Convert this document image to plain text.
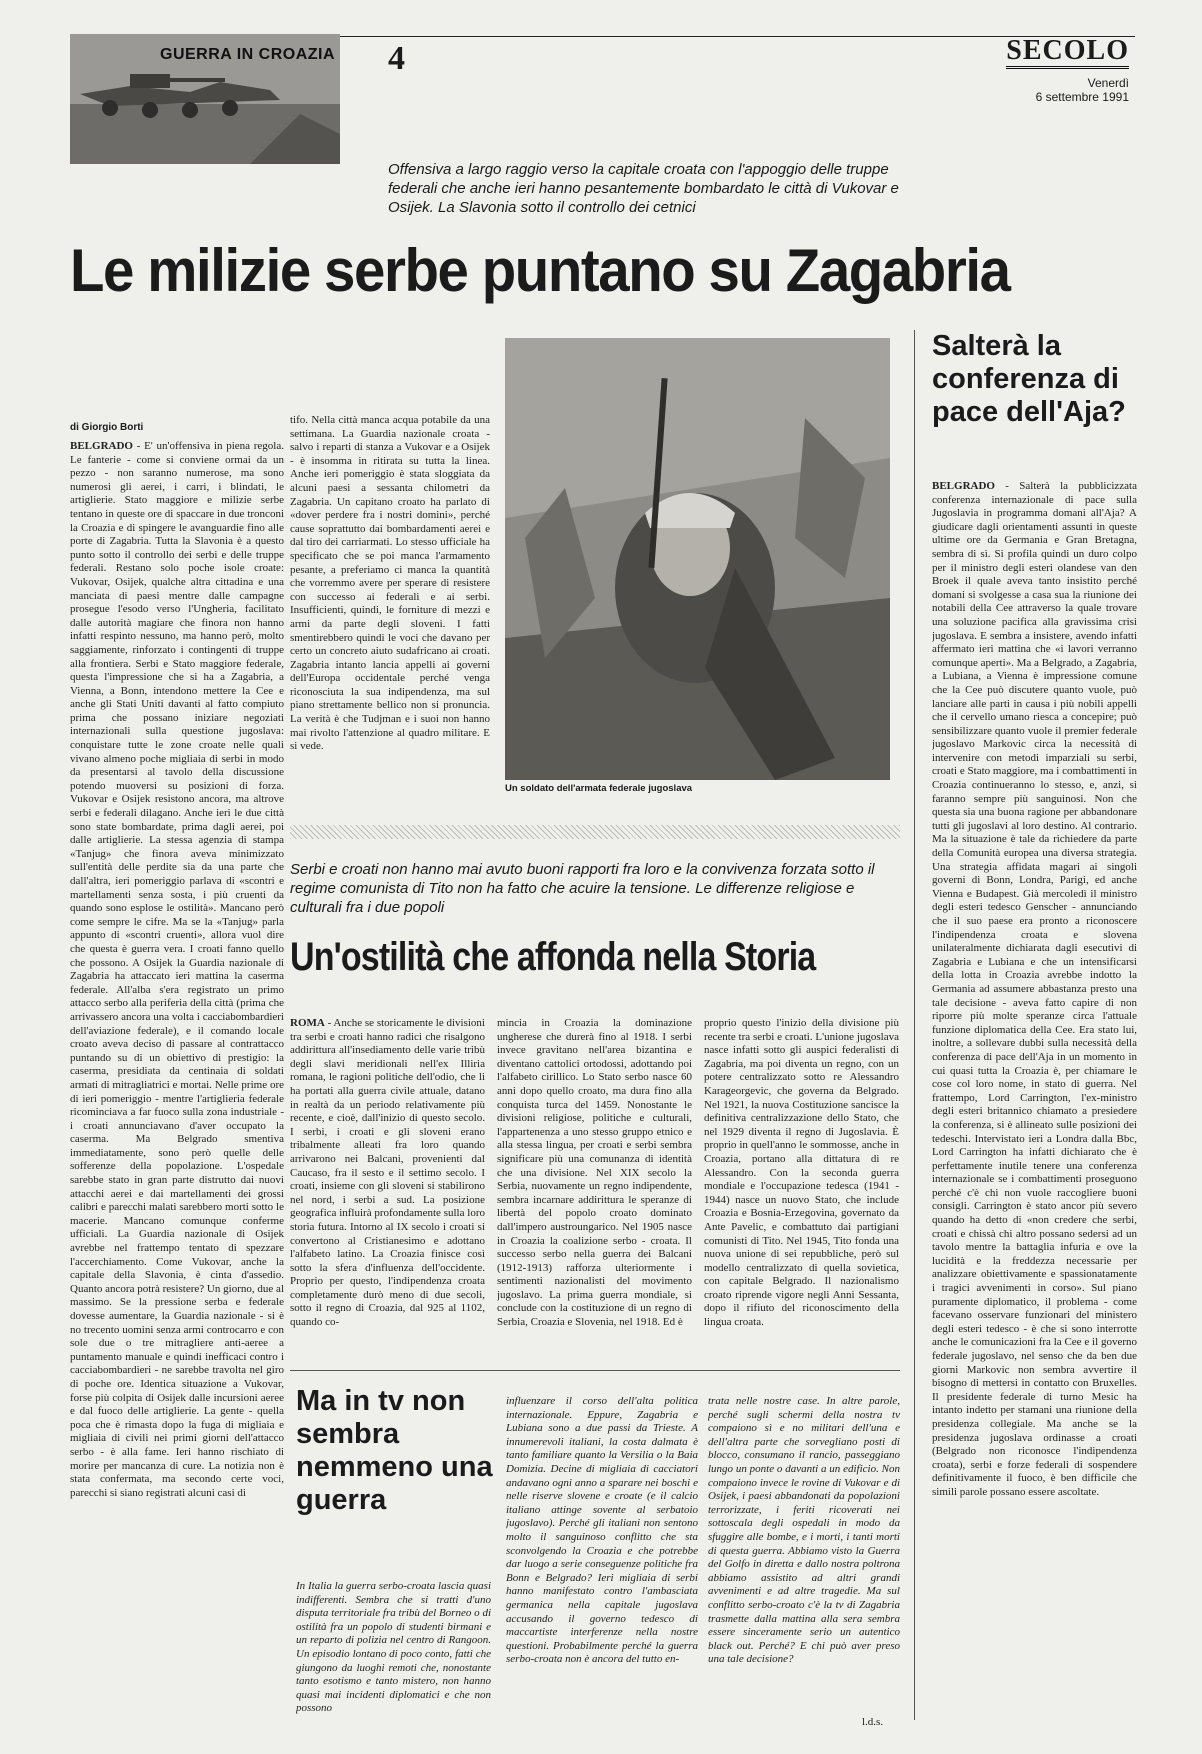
GUERRA IN CROAZIA 4	SECOLO
Venerdì
6 settembre 1991
Offensiva a largo raggio verso la capitale croata con l'appoggio delle truppe federali che anche ieri hanno pesantemente bombardato le città di Vukovar e Osijek. La Slavonia sotto il controllo dei cetnici
Le milizie serbe puntano su Zagabria
di Giorgio Borti
BELGRADO - E' un'offensiva in piena regola. Le fanterie - come si conviene ormai da un pezzo - non saranno numerose, ma sono numerosi gli aerei, i carri, i blindati, le artiglierie. Stato maggiore e milizie serbe tentano in queste ore di spaccare in due tronconi la Croazia e di spingere le avanguardie fino alle porte di Zagabria. Tutta la Slavonia è a questo punto sotto il controllo dei serbi e delle truppe federali. Restano solo poche isole croate: Vukovar, Osijek, qualche altra cittadina e una manciata di paesi mentre dalle campagne prosegue l'esodo verso l'Ungheria, facilitato dalle autorità magiare che finora non hanno infatti respinto nessuno, ma hanno però, molto saggiamente, rinforzato i contingenti di truppe alla frontiera. Serbi e Stato maggiore federale, questa l'impressione che si ha a Zagabria, a Vienna, a Bonn, intendono mettere la Cee e anche gli Stati Uniti davanti al fatto compiuto prima che possano iniziare negoziati internazionali sulla questione jugoslava: conquistare tutte le zone croate nelle quali vivano almeno poche migliaia di serbi in modo da presentarsi al tavolo della discussione potendo muoversi su posizioni di forza. Vukovar e Osijek resistono ancora, ma altrove serbi e federali dilagano. Anche ieri le due città sono state bombardate, prima dagli aerei, poi dalle artiglierie. La stessa agenzia di stampa «Tanjug» che finora aveva minimizzato sull'entità delle perdite sia da una parte che dall'altra, ieri pomeriggio parlava di «scontri e martellamenti senza sosta, i più cruenti da quando sono esplose le ostilità». Mancano però come sempre le cifre. Ma se la «Tanjug» parla appunto di «scontri cruenti», allora vuol dire che questa è guerra vera. I croati fanno quello che possono. A Osijek la Guardia nazionale di Zagabria ha attaccato ieri mattina la caserma federale. All'alba s'era registrato un primo attacco serbo alla periferia della città (prima che arrivassero ancora una volta i cacciabombardieri dell'aviazione federale), e il comando locale croato aveva deciso di passare al contrattacco puntando su di un obiettivo di prestigio: la caserma, presidiata da centinaia di soldati armati di mitragliatrici e mortai. Nelle prime ore di ieri pomeriggio - mentre l'artiglieria federale ricominciava a far fuoco sulla zona industriale - i croati annunciavano d'aver occupato la caserma. Ma Belgrado smentiva immediatamente, sono però quelle delle sofferenze della popolazione. L'ospedale sarebbe stato in gran parte distrutto dai nuovi attacchi aerei e dai martellamenti dei grossi calibri e parecchi malati sarebbero morti sotto le macerie. Mancano comunque conferme ufficiali. La Guardia nazionale di Osijek avrebbe nel frattempo tentato di spezzare l'accerchiamento. Come Vukovar, anche la capitale della Slavonia, è cinta d'assedio. Quanto ancora potrà resistere? Un giorno, due al massimo. Se la pressione serba e federale dovesse aumentare, la Guardia nazionale - si è no trecento uomini senza armi controcarro e con sole due o tre mitragliere anti-aeree a puntamento manuale e quindi inefficaci contro i cacciabombardieri - ne sarebbe travolta nel giro di poche ore. Identica situazione a Vukovar, forse più colpita di Osijek dalle incursioni aeree e dal fuoco delle artiglierie. La gente - quella poca che è rimasta dopo la fuga di migliaia e migliaia di civili nei primi giorni dell'attacco serbo - è alla fame. Ieri hanno rischiato di morire per mancanza di cure. La notizia non è stata confermata, ma secondo certe voci, parecchi si siano registrati alcuni casi di
tifo. Nella città manca acqua potabile da una settimana. La Guardia nazionale croata - salvo i reparti di stanza a Vukovar e a Osijek - è insomma in ritirata su tutta la linea. Anche ieri pomeriggio è stata sloggiata da alcuni paesi a sessanta chilometri da Zagabria. Un capitano croato ha parlato di «dover perdere fra i nostri domini», perché cause soprattutto dai bombardamenti aerei e dal tiro dei carriarmati. Lo stesso ufficiale ha specificato che se poi manca l'armamento pesante, a preferiamo ci manca la quantità che vorremmo avere per sperare di resistere con successo ai federali e ai serbi. Insufficienti, quindi, le forniture di mezzi e armi da parte degli sloveni. I fatti smentirebbero quindi le voci che davano per certo un concreto aiuto sudafricano ai croati. Zagabria intanto lancia appelli ai governi dell'Europa occidentale perché venga riconosciuta la sua indipendenza, ma sul piano strettamente bellico non si pronuncia. La verità è che Tudjman e i suoi non hanno mai rivolto l'attenzione al quadro militare. E si vede.
Un soldato dell'armata federale jugoslava
Salterà la conferenza di pace dell'Aja?
BELGRADO - Salterà la pubblicizzata conferenza internazionale di pace sulla Jugoslavia in programma domani all'Aja? A giudicare dagli orientamenti assunti in queste ultime ore da Germania e Gran Bretagna, sembra di sì. Si profila quindi un duro colpo per il ministro degli esteri olandese van den Broek il quale aveva tanto insistito perché domani si svolgesse a casa sua la riunione dei notabili della Cee attraverso la quale trovare una soluzione pacifica alla gravissima crisi jugoslava. E sembra a insistere, avendo infatti affermato ieri mattina che «i lavori verranno comunque aperti». Ma a Belgrado, a Zagabria, a Lubiana, a Vienna è impressione comune che la Cee può discutere quanto vuole, può lanciare alle parti in causa i più nobili appelli che il cervello umano riesca a concepire; può sensibilizzare quanto vuole il premier federale jugoslavo Markovic circa la necessità di intervenire con metodi imparziali su serbi, croati e Stato maggiore, ma i combattimenti in Croazia continueranno lo stesso, e, anzi, si faranno sempre più sanguinosi. Non che questa sia una buona ragione per abbandonare tutti gli jugoslavi al loro destino. Al contrario. Ma la situazione è tale da richiedere da parte della Comunità europea una diversa strategia. Una strategia affidata magari ai singoli governi di Bonn, Londra, Parigi, ed anche Vienna e Budapest. Già mercoledì il ministro degli esteri tedesco Genscher - annunciando che il suo paese era pronto a riconoscere l'indipendenza croata e slovena unilateralmente dichiarata dagli esecutivi di Zagabria e Lubiana e che un intensificarsi della lotta in Croazia avrebbe indotto la Germania ad assumere abbastanza presto una tale decisione - aveva fatto capire di non riporre più molte speranze circa l'attuale funzione diplomatica della Cee. Era stato lui, inoltre, a sollevare dubbi sulla necessità della conferenza di pace dell'Aja in un momento in cui quasi tutta la Croazia è, per chiamare le cose col loro nome, in stato di guerra. Nel frattempo, Lord Carrington, l'ex-ministro degli esteri britannico chiamato a presiedere la conferenza, si è allineato sulle posizioni dei tedeschi. Intervistato ieri a Londra dalla Bbc, Lord Carrington ha infatti dichiarato che è perfettamente inutile tenere una conferenza internazionale se i combattimenti proseguono perché c'è chi non vuole raccogliere buoni consigli. Carrington è stato ancor più severo quando ha detto di «non credere che serbi, croati e chissà chi altro possano sedersi ad un tavolo mentre la battaglia infuria e ove la lucidità e la freddezza necessarie per analizzare obiettivamente e spassionatamente i tragici avvenimenti in corso». Sul piano puramente diplomatico, il problema - come facevano osservare funzionari del ministero degli esteri tedesco - è che si sono interrotte anche le comunicazioni fra la Cee e il governo federale jugoslavo, nel senso che da ben due giorni Markovic non sembra avvertire il bisogno di mettersi in contatto con Bruxelles. Il presidente federale di turno Mesic ha intanto indetto per stamani una riunione della presidenza collegiale. Ma anche se la presidenza jugoslava ordinasse a croati (Belgrado non riconosce l'indipendenza croata), serbi e forze federali di sospendere definitivamente il fuoco, è ben difficile che simili parole possano essere ascoltate.
Serbi e croati non hanno mai avuto buoni rapporti fra loro e la convivenza forzata sotto il regime comunista di Tito non ha fatto che acuire la tensione. Le differenze religiose e culturali fra i due popoli
Un'ostilità che affonda nella Storia
ROMA - Anche se storicamente le divisioni tra serbi e croati hanno radici che risalgono addirittura all'insediamento delle varie tribù degli slavi meridionali nell'ex Illiria romana, le ragioni politiche dell'odio, che li ha portati alla guerra civile attuale, datano in realtà da un periodo relativamente più recente, e cioè, dall'inizio di questo secolo. I serbi, i croati e gli sloveni erano tribalmente alleati fra loro quando arrivarono nei Balcani, provenienti dal Caucaso, fra il sesto e il settimo secolo. I croati, insieme con gli sloveni si stabilirono nel nord, i serbi a sud. La posizione geografica influirà profondamente sulla loro storia futura. Intorno al IX secolo i croati si convertono al Cristianesimo e adottano l'alfabeto latino. La Croazia finisce così sotto la sfera d'influenza dell'occidente. Proprio per questo, l'indipendenza croata completamente durò meno di due secoli, sotto il regno di Croazia, dal 925 al 1102, quando co-
mincia in Croazia la dominazione ungherese che durerà fino al 1918. I serbi invece gravitano nell'area bizantina e diventano cattolici ortodossi, adottando poi l'alfabeto cirillico. Lo Stato serbo nasce 60 anni dopo quello croato, ma dura fino alla conquista turca del 1459. Nonostante le divisioni religiose, politiche e culturali, l'appartenenza a uno stesso gruppo etnico e alla stessa lingua, per croati e serbi sembra significare più una comunanza di identità che una divisione. Nel XIX secolo la Serbia, nuovamente un regno indipendente, sembra incarnare addirittura le speranze di libertà del popolo croato dominato dall'impero austroungarico. Nel 1905 nasce in Croazia la coalizione serbo - croata. Il successo serbo nella guerra dei Balcani (1912-1913) rafforza ulteriormente i sentimenti nazionalisti del movimento jugoslavo. La prima guerra mondiale, si conclude con la costituzione di un regno di Serbia, Croazia e Slovenia, nel 1918. Ed è
proprio questo l'inizio della divisione più recente tra serbi e croati. L'unione jugoslava nasce infatti sotto gli auspici federalisti di Zagabria, ma poi diventa un regno, con un potere centralizzato sotto re Alessandro Karageorgevic, che governa da Belgrado. Nel 1921, la nuova Costituzione sancisce la definitiva centralizzazione dello Stato, che nel 1929 diventa il regno di Jugoslavia. È proprio in quell'anno le sommosse, anche in Croazia, portano alla dittatura di re Alessandro. Con la seconda guerra mondiale e l'occupazione tedesca (1941 - 1944) nasce un nuovo Stato, che include Croazia e Bosnia-Erzegovina, governato da Ante Pavelic, e combattuto dai partigiani comunisti di Tito. Nel 1945, Tito fonda una nuova unione di sei repubbliche, però sul modello centralizzato di quella sovietica, con capitale Belgrado. Il nazionalismo croato riprende vigore negli Anni Sessanta, dopo il rifiuto del riconoscimento della lingua croata.
Ma in tv non sembra nemmeno una guerra
In Italia la guerra serbo-croata lascia quasi indifferenti. Sembra che si tratti d'uno disputa territoriale fra tribù del Borneo o di ostilità fra un popolo di studenti birmani e un reparto di polizia nel centro di Rangoon. Un episodio lontano di poco conto, fatti che giungono da luoghi remoti che, nonostante tanto esotismo e tanto mistero, non hanno quasi mai incidenti diplomatici e che non possono
influenzare il corso dell'alta politica internazionale. Eppure, Zagabria e Lubiana sono a due passi da Trieste. A innumerevoli italiani, la costa dalmata è tanto familiare quanto la Versilia o la Baia Domizia. Decine di migliaia di cacciatori andavano ogni anno a sparare nei boschi e nelle riserve slovene e croate (e il calcio italiano attinge sovente al serbatoio jugoslavo). Perché gli italiani non sentono molto il sanguinoso conflitto che sta sconvolgendo la Croazia e che potrebbe dar luogo a serie conseguenze politiche fra Bonn e Belgrado? Ieri migliaia di serbi hanno manifestato contro l'ambasciata germanica nella capitale jugoslava accusando il governo tedesco di maccartiste interferenze nella nostre questioni. Probabilmente perché la guerra serbo-croata non è ancora del tutto en-
trata nelle nostre case. In altre parole, perché sugli schermi della nostra tv compaiono sì e no militari dell'una e dell'altra parte che sorvegliano posti di blocco, consumano il rancio, passeggiano lungo un ponte o davanti a un edificio. Non compaiono invece le rovine di Vukovar e di Osijek, i paesi abbandonati da popolazioni terrorizzate, i feriti ricoverati nei sottoscala degli ospedali in modo da sfuggire alle bombe, e i morti, i tanti morti di questa guerra. Abbiamo visto la Guerra del Golfo in diretta e dallo nostra poltrona abbiamo assistito ad altri grandi avvenimenti e ad altre tragedie. Ma sul conflitto serbo-croato c'è la tv di Zagabria trasmette dalla mattina alla sera sembra essere sinceramente serio un autentico black out. Perché? E chi può aver preso una tale decisione?
l.d.s.
